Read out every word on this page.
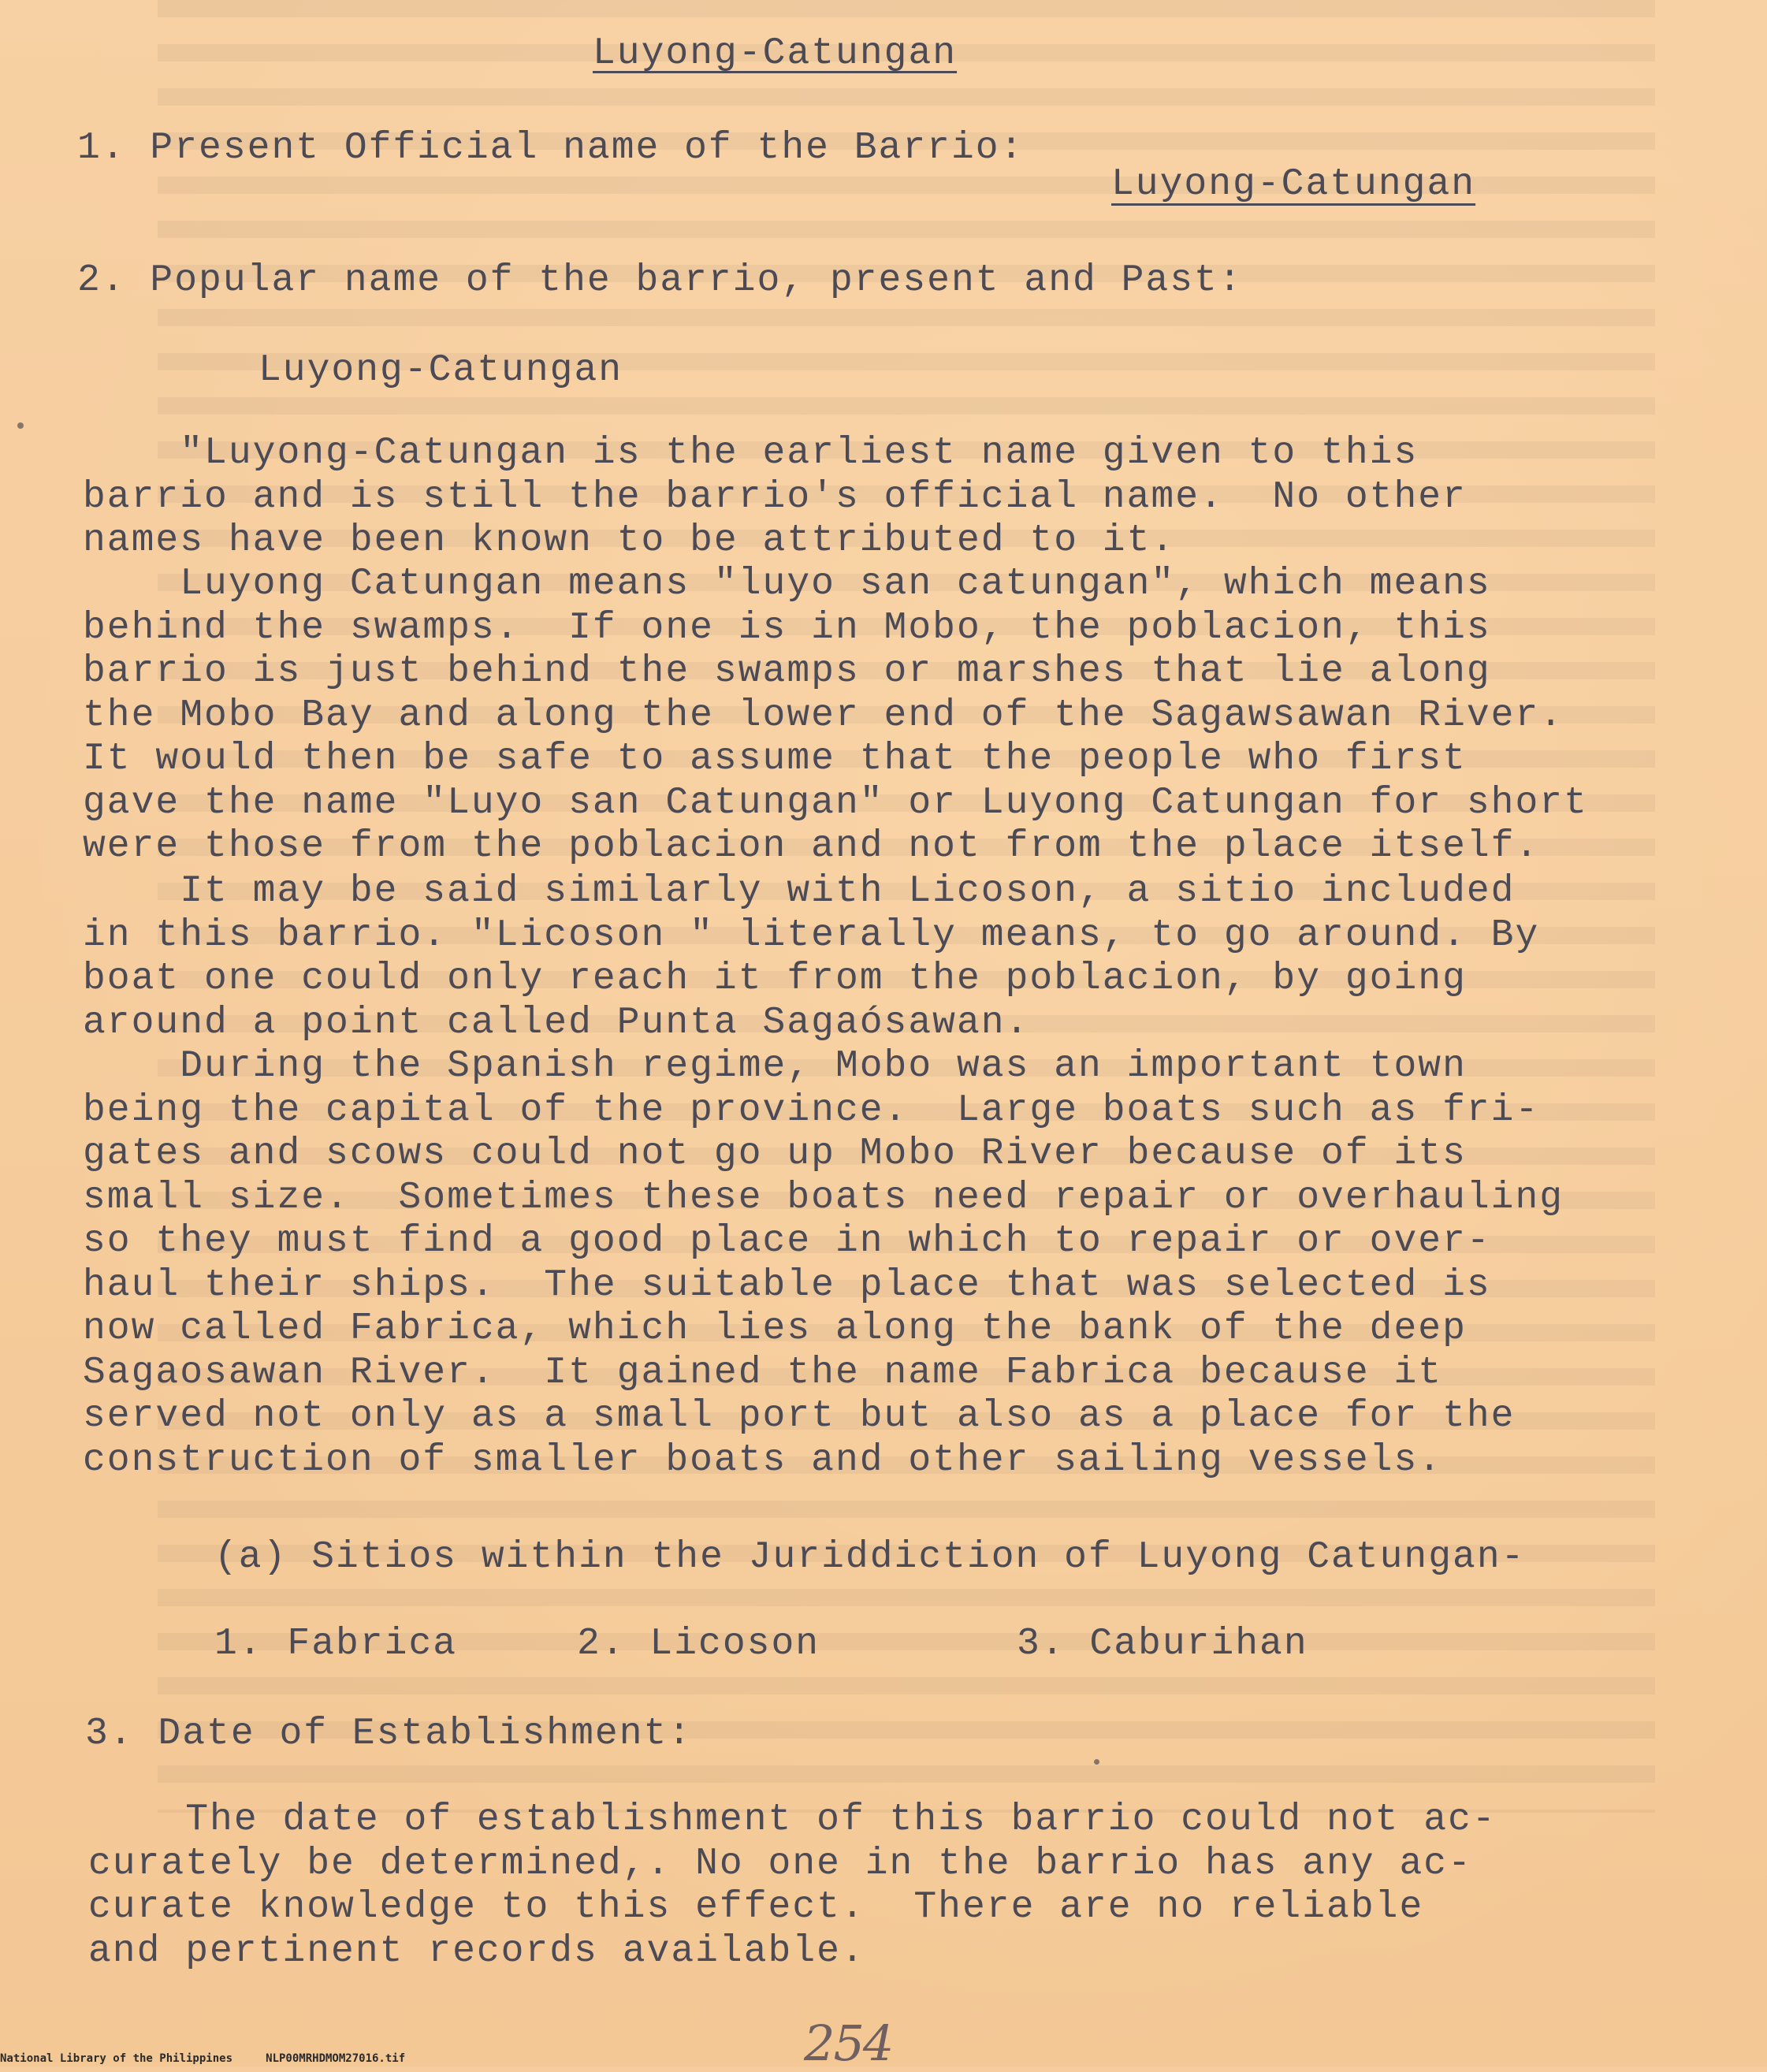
Luyong-Catungan

1. Present Official name of the Barrio:

Luyong-Catungan

2. Popular name of the barrio, present and Past:

Luyong-Catungan

"Luyong-Catungan is the earliest name given to this
barrio and is still the barrio's official name.  No other
names have been known to be attributed to it.

Luyong Catungan means "luyo san catungan", which means
behind the swamps.  If one is in Mobo, the poblacion, this
barrio is just behind the swamps or marshes that lie along
the Mobo Bay and along the lower end of the Sagawsawan River.
It would then be safe to assume that the people who first
gave the name "Luyo san Catungan" or Luyong Catungan for short
were those from the poblacion and not from the place itself.

It may be said similarly with Licoson, a sitio included
in this barrio. "Licoson " literally means, to go around. By
boat one could only reach it from the poblacion, by going
around a point called Punta Sagaósawan.

During the Spanish regime, Mobo was an important town
being the capital of the province.  Large boats such as fri-
gates and scows could not go up Mobo River because of its
small size.  Sometimes these boats need repair or overhauling
so they must find a good place in which to repair or over-
haul their ships.  The suitable place that was selected is
now called Fabrica, which lies along the bank of the deep
Sagaosawan River.  It gained the name Fabrica because it
served not only as a small port but also as a place for the
construction of smaller boats and other sailing vessels.

(a) Sitios within the Juriddiction of Luyong Catungan-

1. Fabrica	2. Licoson	3. Caburihan

3. Date of Establishment:

The date of establishment of this barrio could not ac-
curately be determined,. No one in the barrio has any ac-
curate knowledge to this effect.  There are no reliable
and pertinent records available.

254
National Library of the Philippines     NLP00MRHDMOM27016.tif
